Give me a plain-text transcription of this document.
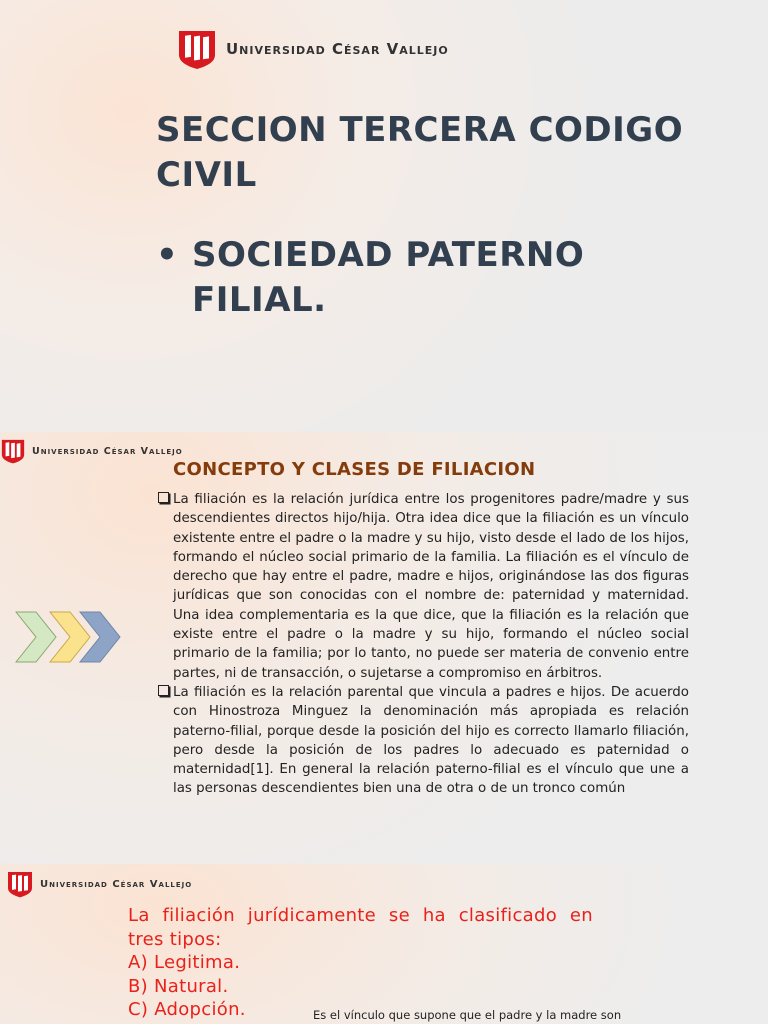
Universidad César Vallejo
SECCION TERCERA CODIGO CIVIL
• SOCIEDAD PATERNO FILIAL.
Universidad César Vallejo
CONCEPTO Y CLASES DE FILIACION
La filiación es la relación jurídica entre los progenitores padre/madre y sus descendientes directos hijo/hija. Otra idea dice que la filiación es un vínculo existente entre el padre o la madre y su hijo, visto desde el lado de los hijos, formando el núcleo social primario de la familia. La filiación es el vínculo de derecho que hay entre el padre, madre e hijos, originándose las dos figuras jurídicas que son conocidas con el nombre de: paternidad y maternidad. Una idea complementaria es la que dice, que la filiación es la relación que existe entre el padre o la madre y su hijo, formando el núcleo social primario de la familia; por lo tanto, no puede ser materia de convenio entre partes, ni de transacción, o sujetarse a compromiso en árbitros.
La filiación es la relación parental que vincula a padres e hijos. De acuerdo con Hinostroza Minguez la denominación más apropiada es relación paterno-filial, porque desde la posición del hijo es correcto llamarlo filiación, pero desde la posición de los padres lo adecuado es paternidad o maternidad[1]. En general la relación paterno-filial es el vínculo que une a las personas descendientes bien una de otra o de un tronco común
Universidad César Vallejo
La filiación jurídicamente se ha clasificado en tres tipos:
A) Legitima.
B) Natural.
C) Adopción.	Es el vínculo que supone que el padre y la madre son
